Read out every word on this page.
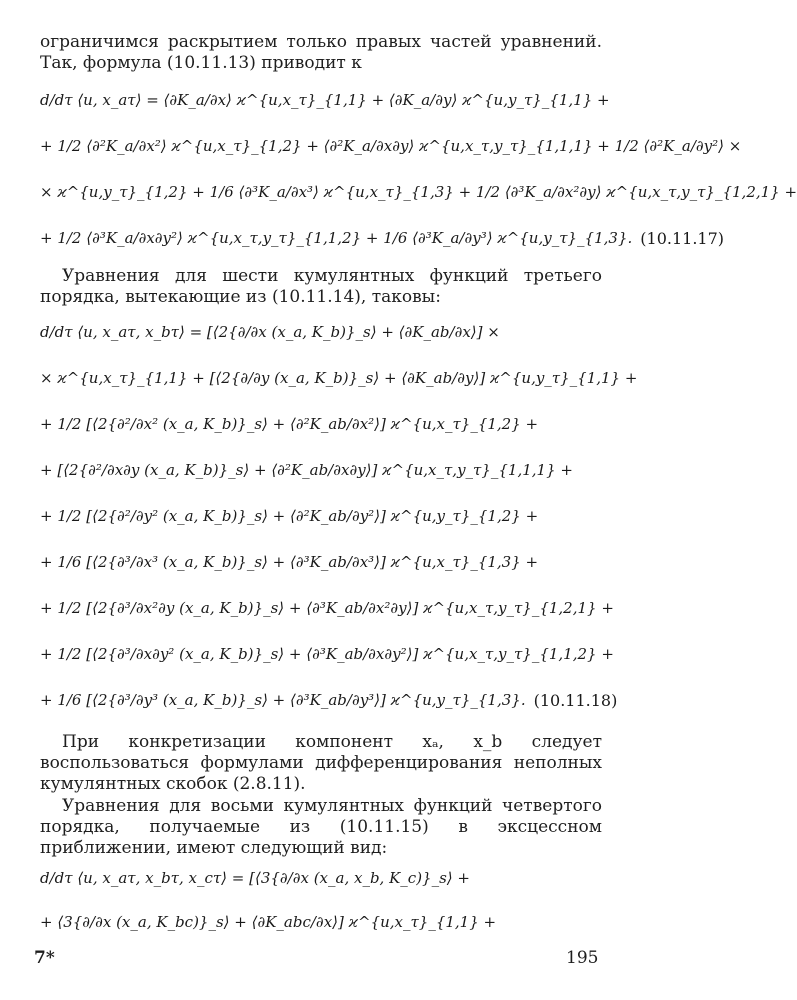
ограничимся раскрытием только правых частей уравнений. Так, формула (10.11.13) приводит к
d/dτ ⟨u, x_aτ⟩ = ⟨∂K_a/∂x⟩ ϰ^{u,x_τ}_{1,1} + ⟨∂K_a/∂y⟩ ϰ^{u,y_τ}_{1,1} +
+ 1/2 ⟨∂²K_a/∂x²⟩ ϰ^{u,x_τ}_{1,2} + ⟨∂²K_a/∂x∂y⟩ ϰ^{u,x_τ,y_τ}_{1,1,1} + 1/2 ⟨∂²K_a/∂y²⟩ ×
× ϰ^{u,y_τ}_{1,2} + 1/6 ⟨∂³K_a/∂x³⟩ ϰ^{u,x_τ}_{1,3} + 1/2 ⟨∂³K_a/∂x²∂y⟩ ϰ^{u,x_τ,y_τ}_{1,2,1} +
+ 1/2 ⟨∂³K_a/∂x∂y²⟩ ϰ^{u,x_τ,y_τ}_{1,1,2} + 1/6 ⟨∂³K_a/∂y³⟩ ϰ^{u,y_τ}_{1,3}. (10.11.17)
Уравнения для шести кумулянтных функций третьего порядка, вытекающие из (10.11.14), таковы:
d/dτ ⟨u, x_aτ, x_bτ⟩ = [⟨2{∂/∂x (x_a, K_b)}_s⟩ + ⟨∂K_ab/∂x⟩] ×
× ϰ^{u,x_τ}_{1,1} + [⟨2{∂/∂y (x_a, K_b)}_s⟩ + ⟨∂K_ab/∂y⟩] ϰ^{u,y_τ}_{1,1} +
+ 1/2 [⟨2{∂²/∂x² (x_a, K_b)}_s⟩ + ⟨∂²K_ab/∂x²⟩] ϰ^{u,x_τ}_{1,2} +
+ [⟨2{∂²/∂x∂y (x_a, K_b)}_s⟩ + ⟨∂²K_ab/∂x∂y⟩] ϰ^{u,x_τ,y_τ}_{1,1,1} +
+ 1/2 [⟨2{∂²/∂y² (x_a, K_b)}_s⟩ + ⟨∂²K_ab/∂y²⟩] ϰ^{u,y_τ}_{1,2} +
+ 1/6 [⟨2{∂³/∂x³ (x_a, K_b)}_s⟩ + ⟨∂³K_ab/∂x³⟩] ϰ^{u,x_τ}_{1,3} +
+ 1/2 [⟨2{∂³/∂x²∂y (x_a, K_b)}_s⟩ + ⟨∂³K_ab/∂x²∂y⟩] ϰ^{u,x_τ,y_τ}_{1,2,1} +
+ 1/2 [⟨2{∂³/∂x∂y² (x_a, K_b)}_s⟩ + ⟨∂³K_ab/∂x∂y²⟩] ϰ^{u,x_τ,y_τ}_{1,1,2} +
+ 1/6 [⟨2{∂³/∂y³ (x_a, K_b)}_s⟩ + ⟨∂³K_ab/∂y³⟩] ϰ^{u,y_τ}_{1,3}. (10.11.18)
При конкретизации компонент xₐ, x_b следует воспользоваться формулами дифференцирования неполных кумулянтных скобок (2.8.11).
Уравнения для восьми кумулянтных функций четвертого порядка, получаемые из (10.11.15) в эксцессном приближении, имеют следующий вид:
d/dτ ⟨u, x_aτ, x_bτ, x_cτ⟩ = [⟨3{∂/∂x (x_a, x_b, K_c)}_s⟩ +
+ ⟨3{∂/∂x (x_a, K_bc)}_s⟩ + ⟨∂K_abc/∂x⟩] ϰ^{u,x_τ}_{1,1} +
7*	195
